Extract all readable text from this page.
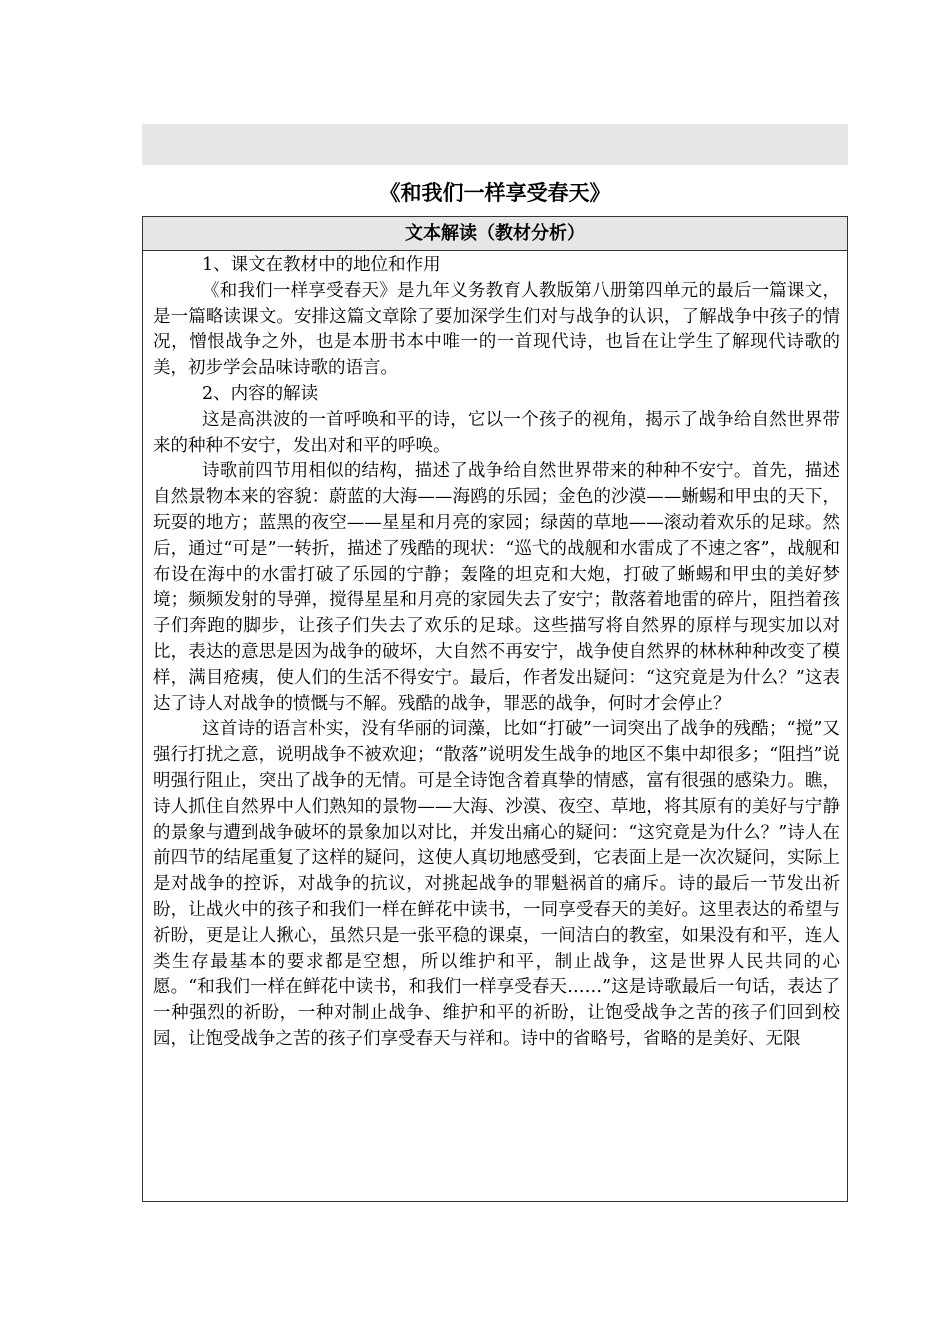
《和我们一样享受春天》
文本解读（教材分析）

1、课文在教材中的地位和作用

《和我们一样享受春天》是九年义务教育人教版第八册第四单元的最后一篇课文，是一篇略读课文。安排这篇文章除了要加深学生们对与战争的认识，了解战争中孩子的情况，憎恨战争之外，也是本册书本中唯一的一首现代诗，也旨在让学生了解现代诗歌的美，初步学会品味诗歌的语言。

2、内容的解读

这是高洪波的一首呼唤和平的诗，它以一个孩子的视角，揭示了战争给自然世界带来的种种不安宁，发出对和平的呼唤。

诗歌前四节用相似的结构，描述了战争给自然世界带来的种种不安宁。首先，描述自然景物本来的容貌：蔚蓝的大海——海鸥的乐园；金色的沙漠——蜥蜴和甲虫的天下，玩耍的地方；蓝黑的夜空——星星和月亮的家园；绿茵的草地——滚动着欢乐的足球。然后，通过“可是”一转折，描述了残酷的现状：“巡弋的战舰和水雷成了不速之客”，战舰和布设在海中的水雷打破了乐园的宁静；轰隆的坦克和大炮，打破了蜥蜴和甲虫的美好梦境；频频发射的导弹，搅得星星和月亮的家园失去了安宁；散落着地雷的碎片，阻挡着孩子们奔跑的脚步，让孩子们失去了欢乐的足球。这些描写将自然界的原样与现实加以对比，表达的意思是因为战争的破坏，大自然不再安宁，战争使自然界的林林种种改变了模样，满目疮痍，使人们的生活不得安宁。最后，作者发出疑问：“这究竟是为什么？”这表达了诗人对战争的愤慨与不解。残酷的战争，罪恶的战争，何时才会停止？

这首诗的语言朴实，没有华丽的词藻，比如“打破”一词突出了战争的残酷；“搅”又强行打扰之意，说明战争不被欢迎；“散落”说明发生战争的地区不集中却很多；“阻挡”说明强行阻止，突出了战争的无情。可是全诗饱含着真挚的情感，富有很强的感染力。瞧，诗人抓住自然界中人们熟知的景物——大海、沙漠、夜空、草地，将其原有的美好与宁静的景象与遭到战争破坏的景象加以对比，并发出痛心的疑问：“这究竟是为什么？”诗人在前四节的结尾重复了这样的疑问，这使人真切地感受到，它表面上是一次次疑问，实际上是对战争的控诉，对战争的抗议，对挑起战争的罪魁祸首的痛斥。诗的最后一节发出祈盼，让战火中的孩子和我们一样在鲜花中读书，一同享受春天的美好。这里表达的希望与祈盼，更是让人揪心，虽然只是一张平稳的课桌，一间洁白的教室，如果没有和平，连人类生存最基本的要求都是空想，所以维护和平，制止战争，这是世界人民共同的心愿。“和我们一样在鲜花中读书，和我们一样享受春天……”这是诗歌最后一句话，表达了一种强烈的祈盼，一种对制止战争、维护和平的祈盼，让饱受战争之苦的孩子们回到校园，让饱受战争之苦的孩子们享受春天与祥和。诗中的省略号，省略的是美好、无限
